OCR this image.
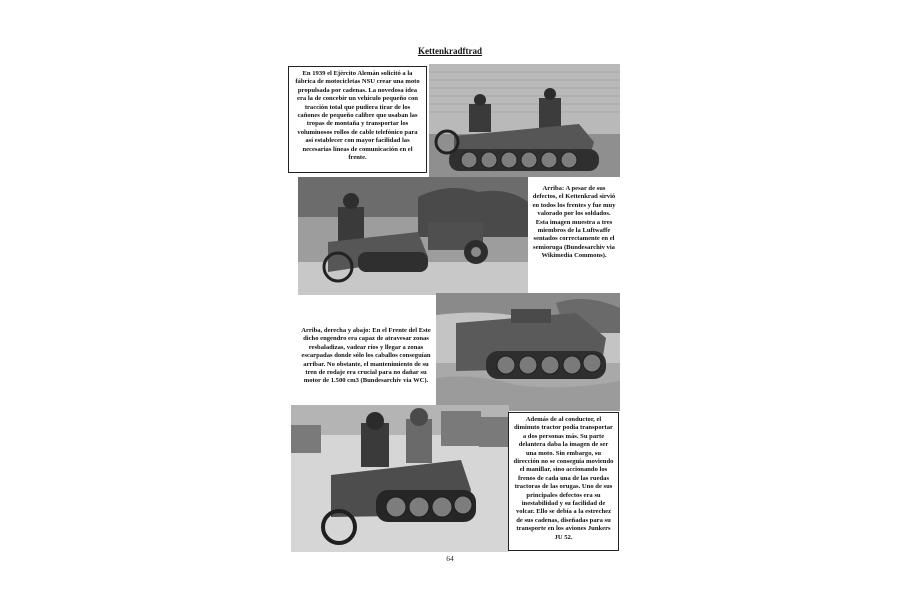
Kettenkradftrad
En 1939 el Ejército Alemán solicitó a la fábrica de motocicletas NSU crear una moto propulsada por cadenas. La novedosa idea era la de concebir un vehículo pequeño con tracción total que pudiera tirar de los cañones de pequeño calibre que usaban las tropas de montaña y transportar los voluminosos rollos de cable telefónico para así establecer con mayor facilidad las necesarias líneas de comunicación en el frente.
Arriba: A pesar de sus defectos, el Kettenkrad sirvió en todos los frentes y fue muy valorado por los soldados. Esta imagen muestra a tres miembros de la Luftwaffe sentados correctamente en el semioruga (Bundesarchiv via Wikimedia Commons).
Arriba, derecha y abajo: En el Frente del Este dicho engendro era capaz de atravesar zonas resbaladizas, vadear ríos y llegar a zonas escarpadas donde sólo los caballos conseguían arribar. No obstante, el mantenimiento de su tren de rodaje era crucial para no dañar su motor de 1.500 cm3 (Bundesarchiv via WC).
Además de al conductor, el diminuto tractor podía transportar a dos personas más. Su parte delantera daba la imagen de ser una moto. Sin embargo, su dirección no se conseguía moviendo el manillar, sino accionando los frenos de cada una de las ruedas tractoras de las orugas. Uno de sus principales defectos era su inestabilidad y su facilidad de volcar. Ello se debía a la estrechez de sus cadenas, diseñadas para su transporte en los aviones Junkers JU 52.
64
